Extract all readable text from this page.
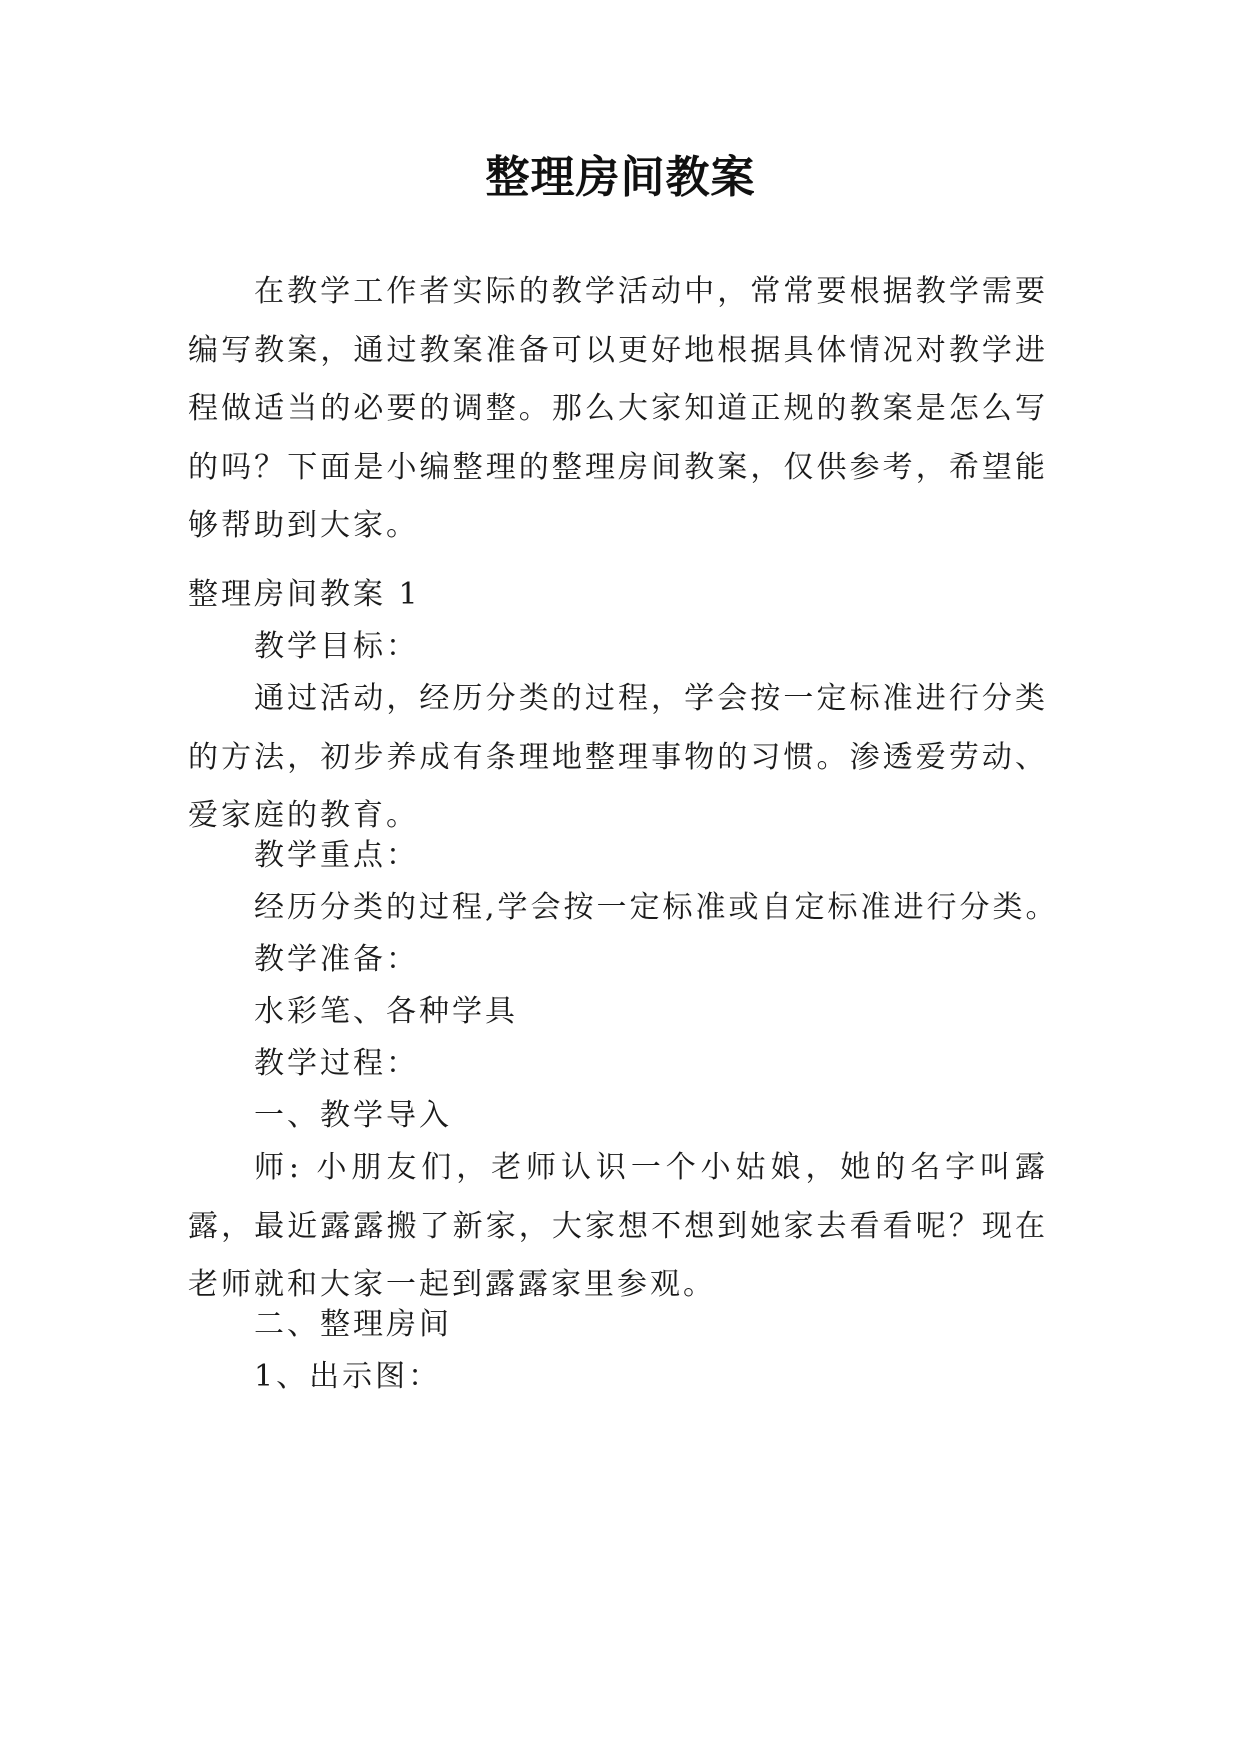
整理房间教案

在教学工作者实际的教学活动中，常常要根据教学需要编写教案，通过教案准备可以更好地根据具体情况对教学进程做适当的必要的调整。那么大家知道正规的教案是怎么写的吗？下面是小编整理的整理房间教案，仅供参考，希望能够帮助到大家。

整理房间教案 1

教学目标：

通过活动，经历分类的过程，学会按一定标准进行分类的方法，初步养成有条理地整理事物的习惯。渗透爱劳动、爱家庭的教育。

教学重点：

经历分类的过程,学会按一定标准或自定标准进行分类。

教学准备：

水彩笔、各种学具

教学过程：

一、教学导入

师: 小朋友们，老师认识一个小姑娘，她的名字叫露露，最近露露搬了新家，大家想不想到她家去看看呢？现在老师就和大家一起到露露家里参观。

二、整理房间

1、出示图：
